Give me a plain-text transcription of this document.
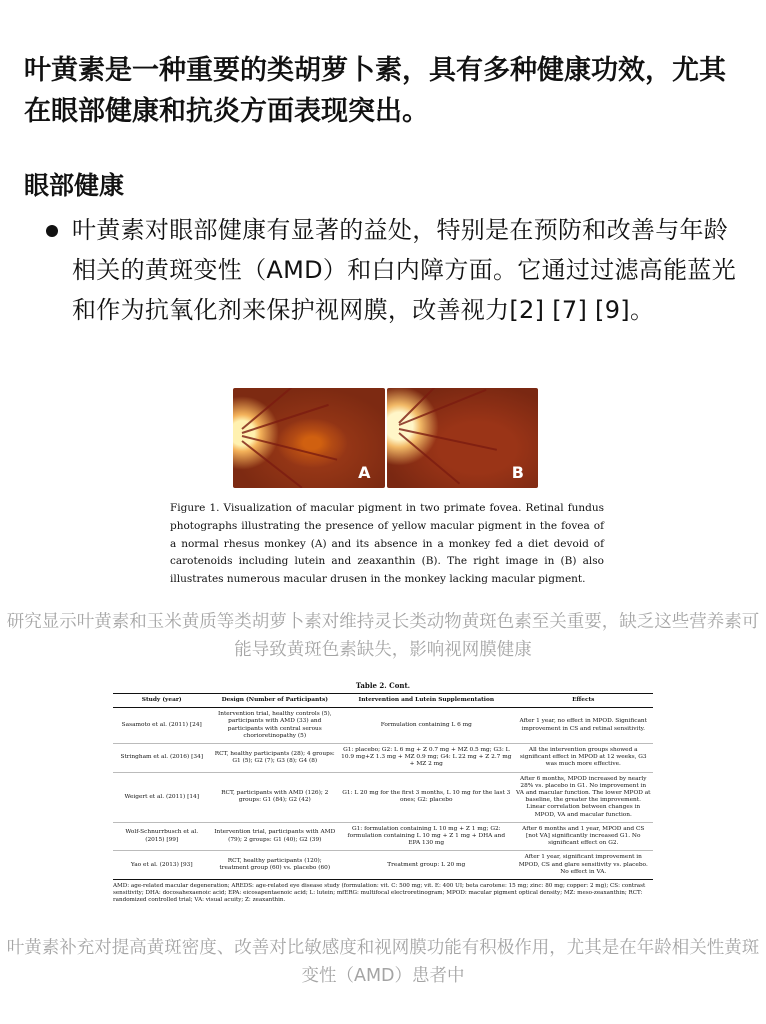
叶黄素是一种重要的类胡萝卜素，具有多种健康功效，尤其在眼部健康和抗炎方面表现突出。

眼部健康

叶黄素对眼部健康有显著的益处，特别是在预防和改善与年龄相关的黄斑变性（AMD）和白内障方面。它通过过滤高能蓝光和作为抗氧化剂来保护视网膜，改善视力[2] [7] [9]。

A	B

Figure 1. Visualization of macular pigment in two primate fovea. Retinal fundus photographs illustrating the presence of yellow macular pigment in the fovea of a normal rhesus monkey (A) and its absence in a monkey fed a diet devoid of carotenoids including lutein and zeaxanthin (B). The right image in (B) also illustrates numerous macular drusen in the monkey lacking macular pigment.

研究显示叶黄素和玉米黄质等类胡萝卜素对维持灵长类动物黄斑色素至关重要，缺乏这些营养素可能导致黄斑色素缺失，影响视网膜健康

Table 2. Cont.

Study (year)	Design (Number of Participants)	Intervention and Lutein Supplementation	Effects
Sasamoto et al. (2011) [24]	Intervention trial, healthy controls (5), participants with AMD (33) and participants with central serous chorioretinopathy (5)	Formulation containing L 6 mg	After 1 year, no effect in MPOD. Significant improvement in CS and retinal sensitivity.
Stringham et al. (2016) [34]	RCT, healthy participants (28); 4 groups: G1 (5); G2 (7); G3 (8); G4 (8)	G1: placebo; G2: L 6 mg + Z 0.7 mg + MZ 0.5 mg; G3: L 10.9 mg+Z 1.3 mg + MZ 0.9 mg; G4: L 22 mg + Z 2.7 mg + MZ 2 mg	All the intervention groups showed a significant effect in MPOD at 12 weeks, G3 was much more effective.
Weigert et al. (2011) [14]	RCT, participants with AMD (126); 2 groups: G1 (84); G2 (42)	G1: L 20 mg for the first 3 months, L 10 mg for the last 3 ones; G2: placebo	After 6 months, MPOD increased by nearly 28% vs. placebo in G1. No improvement in VA and macular function. The lower MPOD at baseline, the greater the improvement. Linear correlation between changes in MPOD, VA and macular function.
Wolf-Schnurrbusch et al. (2015) [99]	Intervention trial, participants with AMD (79); 2 groups: G1 (40); G2 (39)	G1: formulation containing L 10 mg + Z 1 mg; G2: formulation containing L 10 mg + Z 1 mg + DHA and EPA 130 mg	After 6 months and 1 year, MPOD and CS [not VA] significantly increased G1. No significant effect on G2.
Yao et al. (2013) [93]	RCT, healthy participants (120); treatment group (60) vs. placebo (60)	Treatment group: L 20 mg	After 1 year, significant improvement in MPOD, CS and glare sensitivity vs. placebo. No effect in VA.

AMD: age-related macular degeneration; AREDS: age-related eye disease study (formulation: vit. C: 500 mg; vit. E: 400 UI; beta carotene: 15 mg; zinc: 80 mg; copper: 2 mg); CS: contrast sensitivity; DHA: docosahexaenoic acid; EPA: eicosapentaenoic acid; L: lutein; mfERG: multifocal electroretinogram; MPOD: macular pigment optical density; MZ: meso-zeaxanthin; RCT: randomized controlled trial; VA: visual acuity; Z: zeaxanthin.

叶黄素补充对提高黄斑密度、改善对比敏感度和视网膜功能有积极作用，尤其是在年龄相关性黄斑变性（AMD）患者中
